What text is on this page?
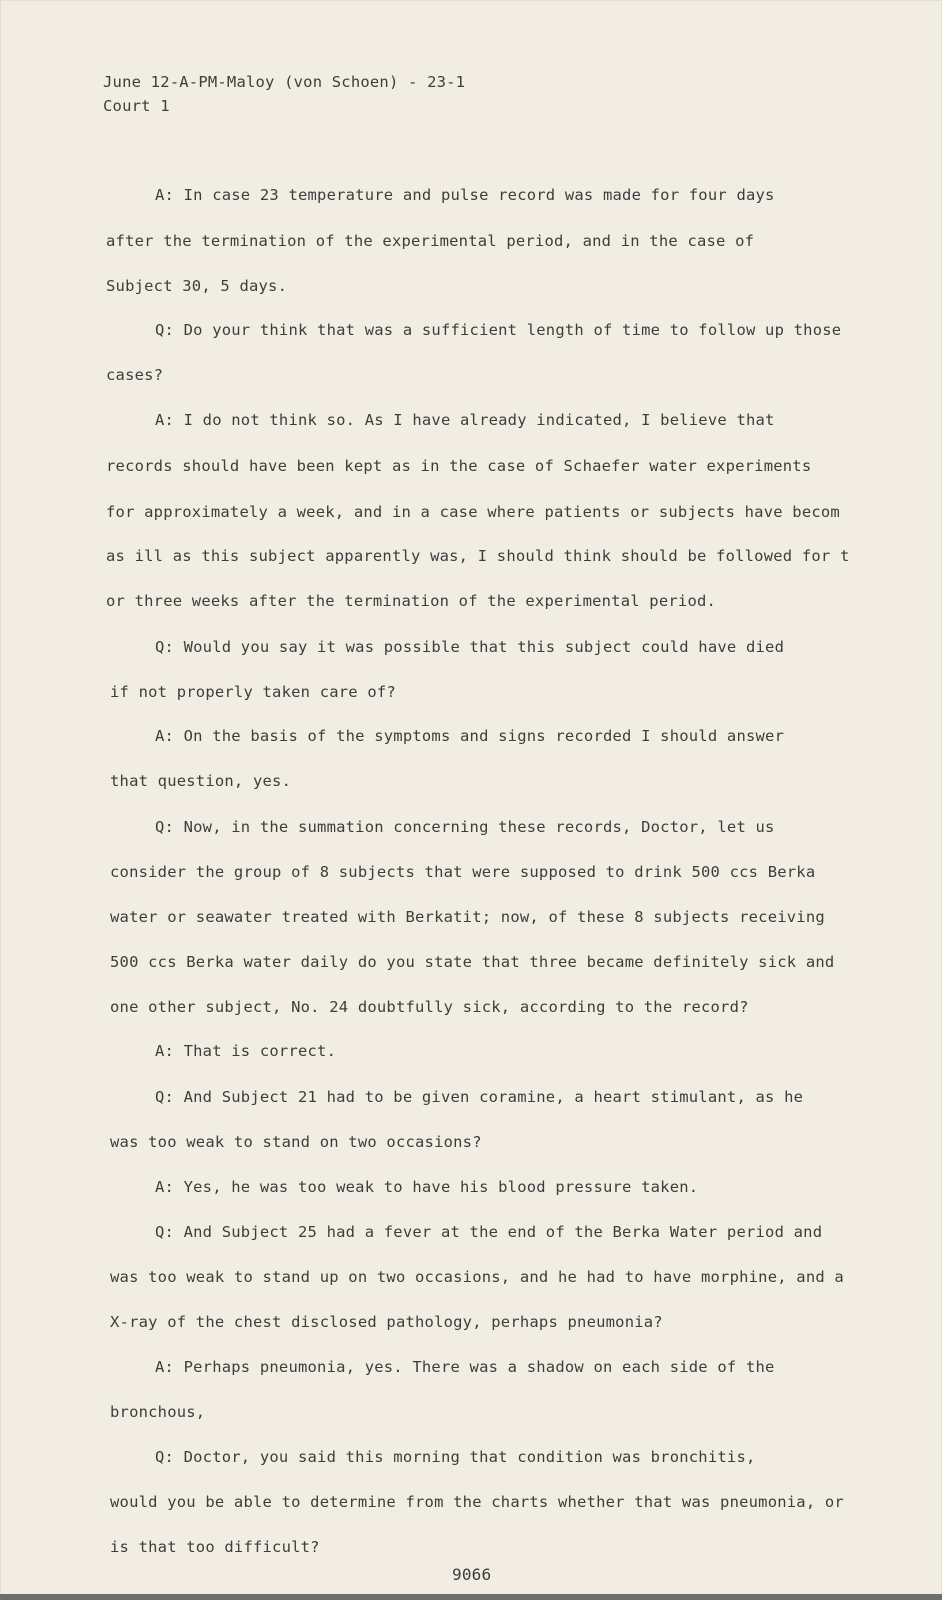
June 12-A-PM-Maloy (von Schoen) - 23-1
Court 1
A: In case 23 temperature and pulse record was made for four days
after the termination of the experimental period, and in the case of
Subject 30, 5 days.
Q: Do your think that was a sufficient length of time to follow up those
cases?
A: I do not think so. As I have already indicated, I believe that
records should have been kept as in the case of Schaefer water experiments
for approximately a week, and in a case where patients or subjects have becom
as ill as this subject apparently was, I should think should be followed for t
or three weeks after the termination of the experimental period.
Q: Would you say it was possible that this subject could have died
if not properly taken care of?
A: On the basis of the symptoms and signs recorded I should answer
that question, yes.
Q: Now, in the summation concerning these records, Doctor, let us
consider the group of 8 subjects that were supposed to drink 500 ccs Berka
water or seawater treated with Berkatit; now, of these 8 subjects receiving
500 ccs Berka water daily do you state that three became definitely sick and
one other subject, No. 24 doubtfully sick, according to the record?
A: That is correct.
Q: And Subject 21 had to be given coramine, a heart stimulant, as he
was too weak to stand on two occasions?
A: Yes, he was too weak to have his blood pressure taken.
Q: And Subject 25 had a fever at the end of the Berka Water period and
was too weak to stand up on two occasions, and he had to have morphine, and a
X-ray of the chest disclosed pathology, perhaps pneumonia?
A: Perhaps pneumonia, yes. There was a shadow on each side of the
bronchous,
Q: Doctor, you said this morning that condition was bronchitis,
would you be able to determine from the charts whether that was pneumonia, or
is that too difficult?
9066
